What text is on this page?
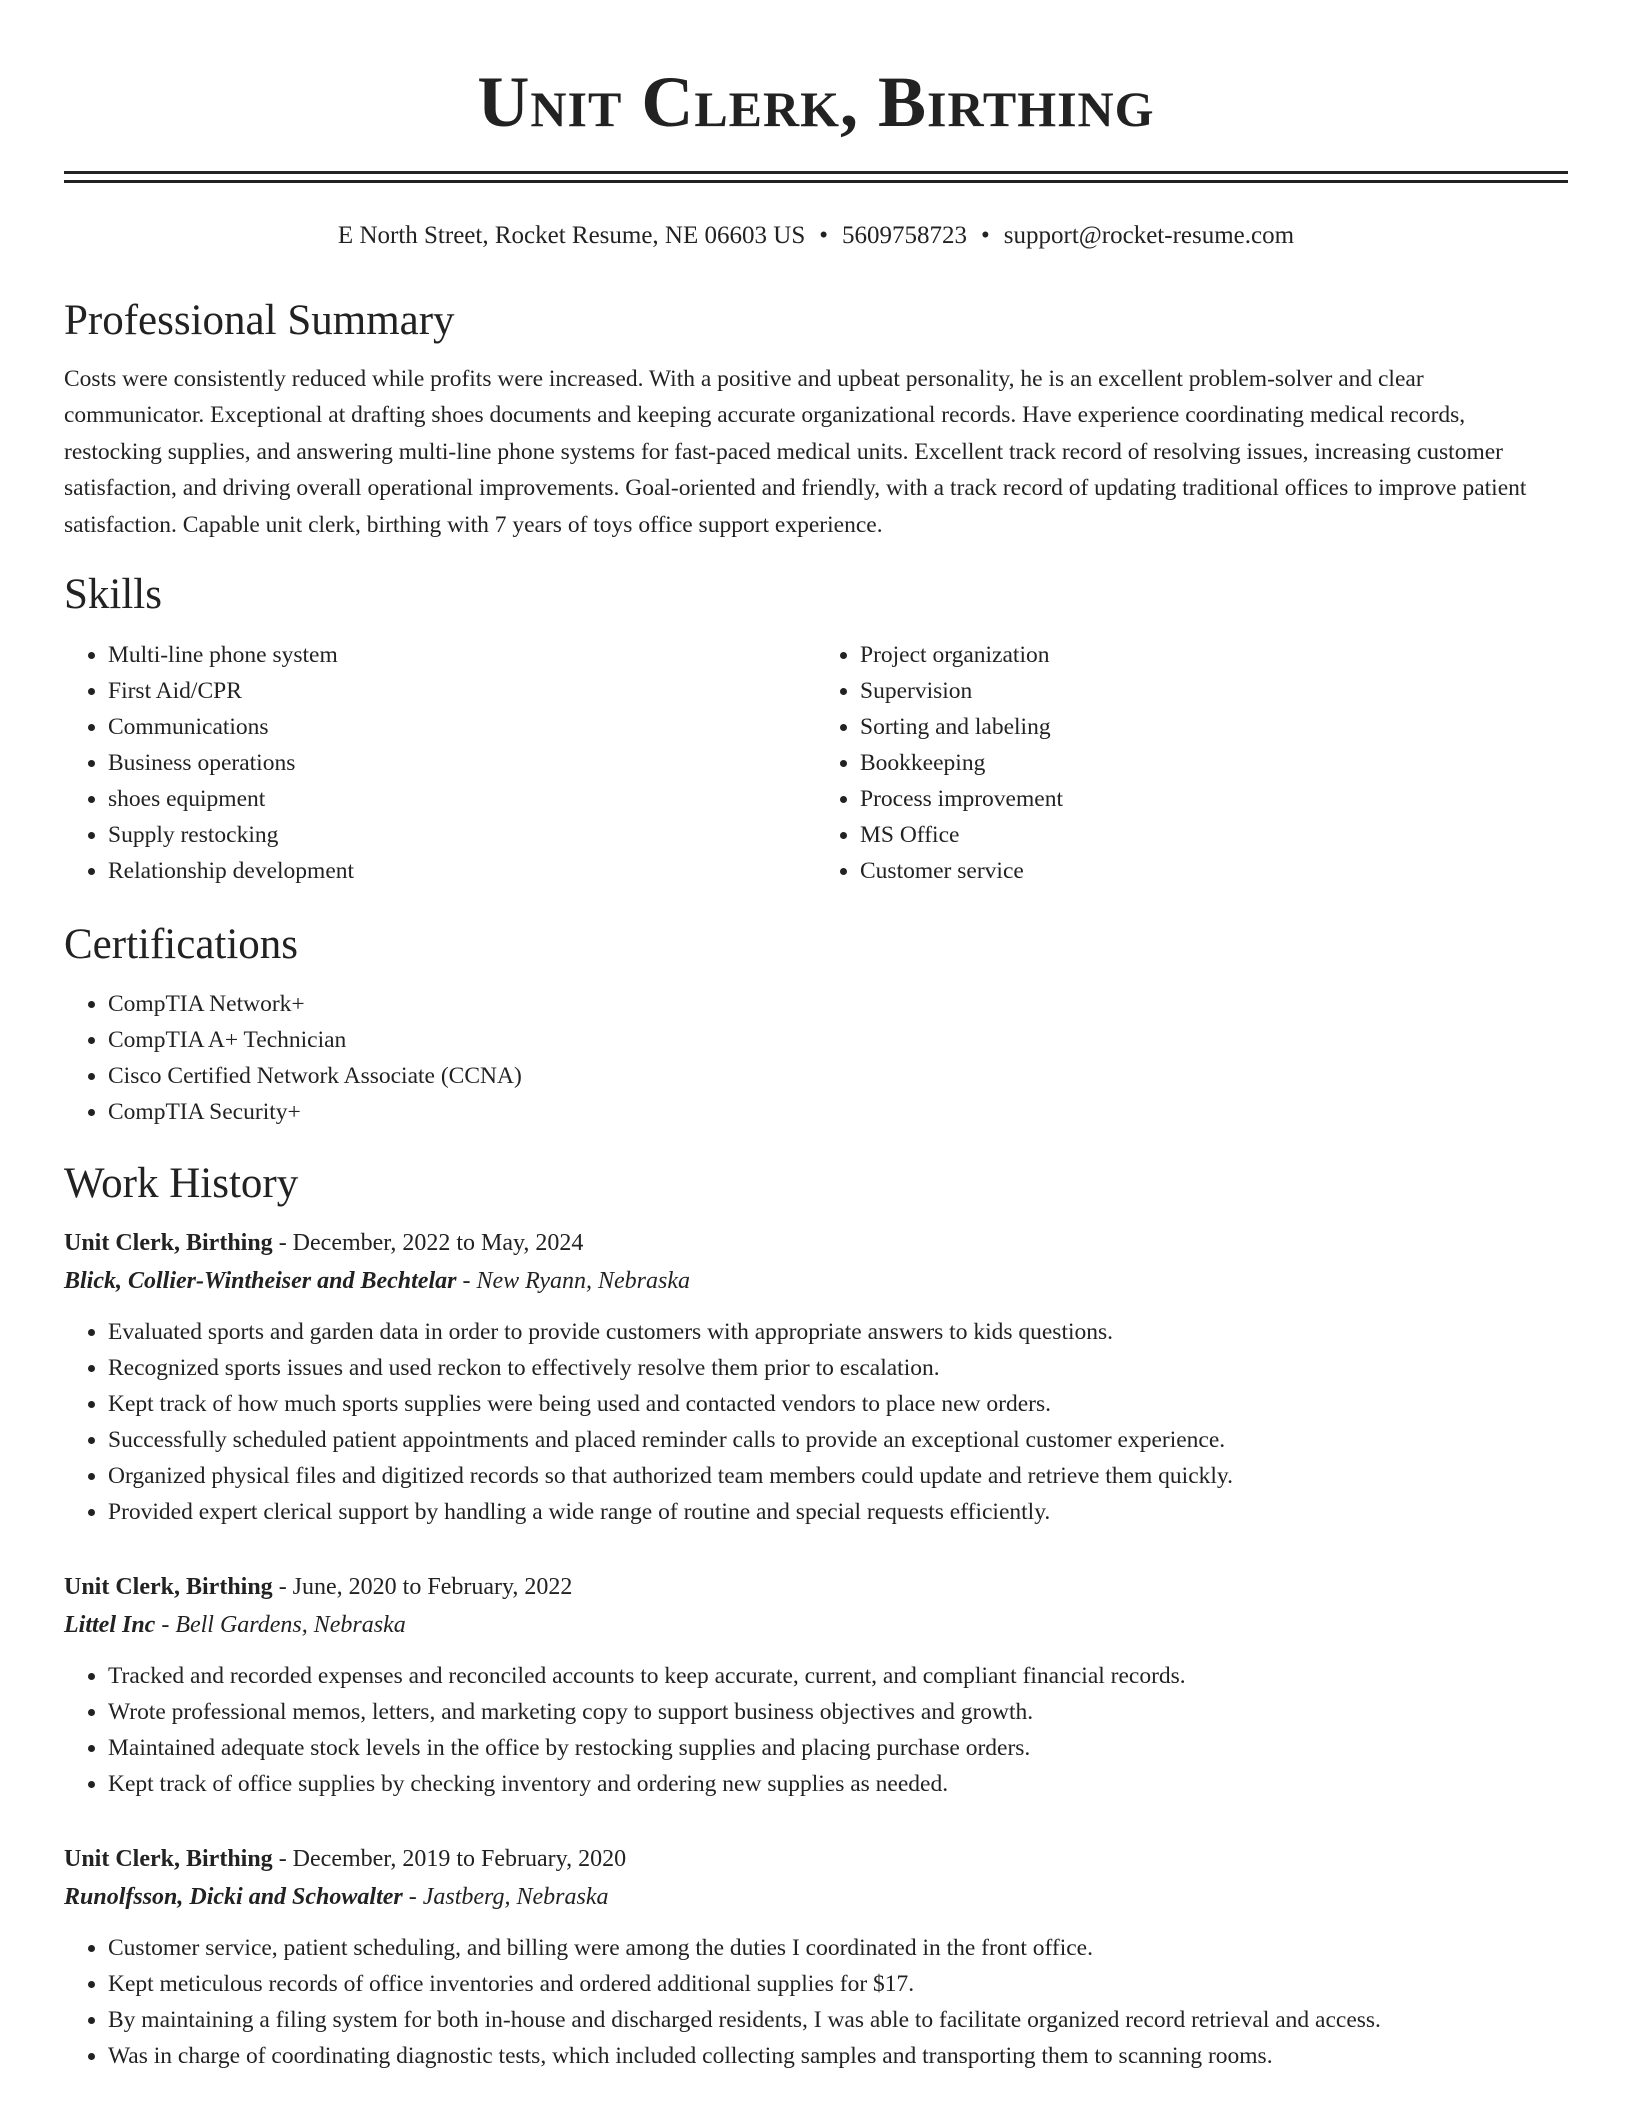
Unit Clerk, Birthing
E North Street, Rocket Resume, NE 06603 US • 5609758723 • support@rocket-resume.com
Professional Summary
Costs were consistently reduced while profits were increased. With a positive and upbeat personality, he is an excellent problem-solver and clear communicator. Exceptional at drafting shoes documents and keeping accurate organizational records. Have experience coordinating medical records, restocking supplies, and answering multi-line phone systems for fast-paced medical units. Excellent track record of resolving issues, increasing customer satisfaction, and driving overall operational improvements. Goal-oriented and friendly, with a track record of updating traditional offices to improve patient satisfaction. Capable unit clerk, birthing with 7 years of toys office support experience.
Skills
• Multi-line phone system
• First Aid/CPR
• Communications
• Business operations
• shoes equipment
• Supply restocking
• Relationship development
• Project organization
• Supervision
• Sorting and labeling
• Bookkeeping
• Process improvement
• MS Office
• Customer service
Certifications
• CompTIA Network+
• CompTIA A+ Technician
• Cisco Certified Network Associate (CCNA)
• CompTIA Security+
Work History
Unit Clerk, Birthing - December, 2022 to May, 2024
Blick, Collier-Wintheiser and Bechtelar - New Ryann, Nebraska
• Evaluated sports and garden data in order to provide customers with appropriate answers to kids questions.
• Recognized sports issues and used reckon to effectively resolve them prior to escalation.
• Kept track of how much sports supplies were being used and contacted vendors to place new orders.
• Successfully scheduled patient appointments and placed reminder calls to provide an exceptional customer experience.
• Organized physical files and digitized records so that authorized team members could update and retrieve them quickly.
• Provided expert clerical support by handling a wide range of routine and special requests efficiently.
Unit Clerk, Birthing - June, 2020 to February, 2022
Littel Inc - Bell Gardens, Nebraska
• Tracked and recorded expenses and reconciled accounts to keep accurate, current, and compliant financial records.
• Wrote professional memos, letters, and marketing copy to support business objectives and growth.
• Maintained adequate stock levels in the office by restocking supplies and placing purchase orders.
• Kept track of office supplies by checking inventory and ordering new supplies as needed.
Unit Clerk, Birthing - December, 2019 to February, 2020
Runolfsson, Dicki and Schowalter - Jastberg, Nebraska
• Customer service, patient scheduling, and billing were among the duties I coordinated in the front office.
• Kept meticulous records of office inventories and ordered additional supplies for $17.
• By maintaining a filing system for both in-house and discharged residents, I was able to facilitate organized record retrieval and access.
• Was in charge of coordinating diagnostic tests, which included collecting samples and transporting them to scanning rooms.
